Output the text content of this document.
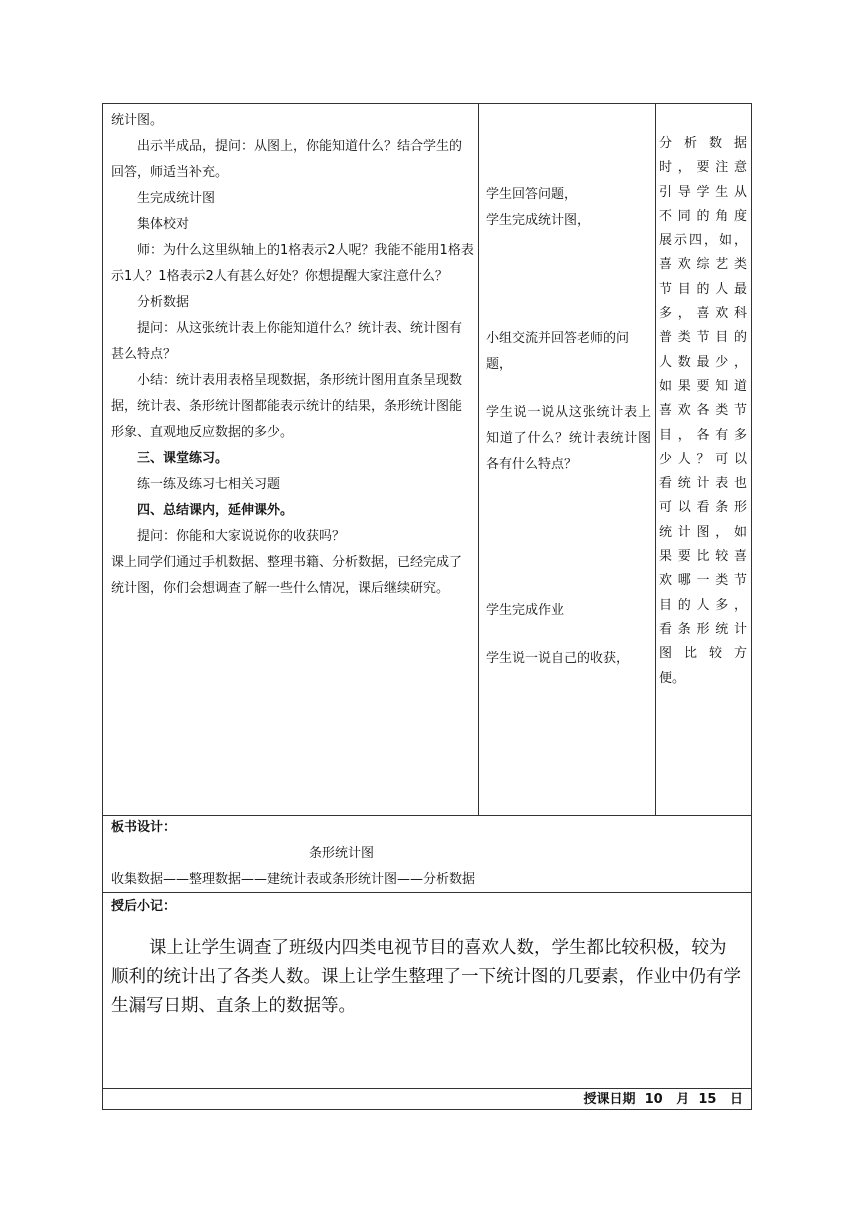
统计图。

出示半成品，提问：从图上，你能知道什么？结合学生的回答，师适当补充。

生完成统计图

集体校对

师：为什么这里纵轴上的1格表示2人呢？我能不能用1格表示1人？1格表示2人有甚么好处？你想提醒大家注意什么？

分析数据

提问：从这张统计表上你能知道什么？统计表、统计图有甚么特点？

小结：统计表用表格呈现数据，条形统计图用直条呈现数据，统计表、条形统计图都能表示统计的结果，条形统计图能形象、直观地反应数据的多少。

三、课堂练习。

练一练及练习七相关习题

四、总结课内，延伸课外。

提问：你能和大家说说你的收获吗？

课上同学们通过手机数据、整理书籍、分析数据，已经完成了统计图，你们会想调查了解一些什么情况，课后继续研究。

学生回答问题，

学生完成统计图，

小组交流并回答老师的问题，

学生说一说从这张统计表上知道了什么？统计表统计图各有什么特点？

学生完成作业

学生说一说自己的收获，

分析数据
时，要注意
引导学生从
不同的角度
展示四，如，
喜欢综艺类
节目的人最
多，喜欢科
普类节目的
人数最少，
如果要知道
喜欢各类节
目，各有多
少人？可以
看统计表也
可以看条形
统计图，如
果要比较喜
欢哪一类节
目的人多，
看条形统计
图比较方
便。
板书设计：
条形统计图
收集数据——整理数据——建统计表或条形统计图——分析数据
授后小记：

课上让学生调查了班级内四类电视节目的喜欢人数，学生都比较积极，较为顺利的统计出了各类人数。课上让学生整理了一下统计图的几要素，作业中仍有学生漏写日期、直条上的数据等。

授课日期 10 月 15 日
